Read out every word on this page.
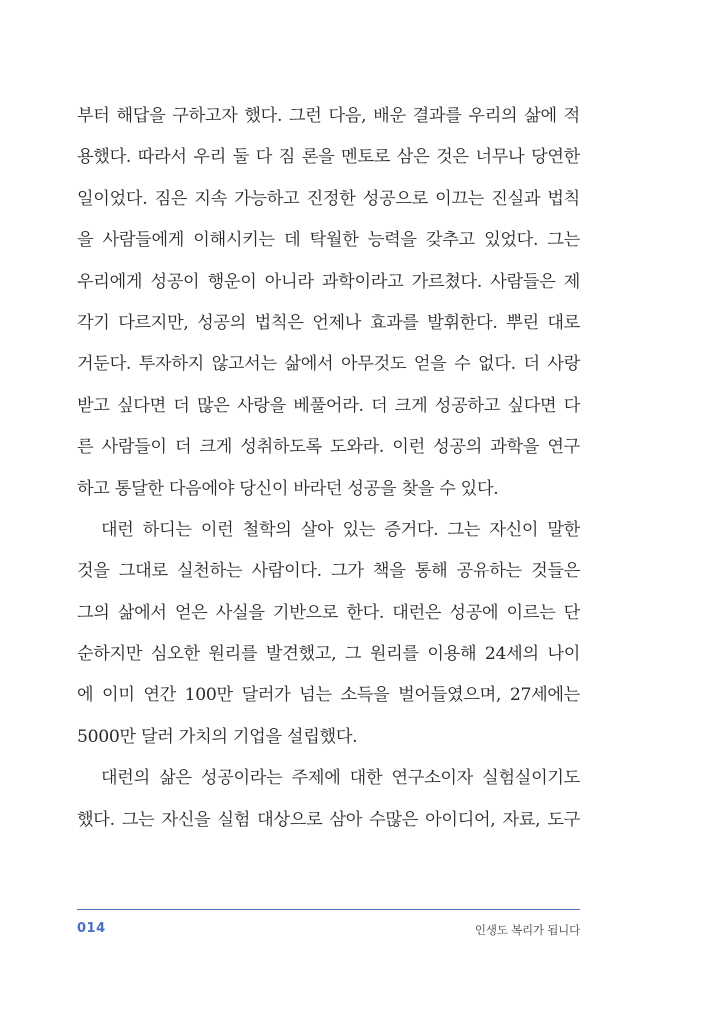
부터 해답을 구하고자 했다. 그런 다음, 배운 결과를 우리의 삶에 적
용했다. 따라서 우리 둘 다 짐 론을 멘토로 삼은 것은 너무나 당연한
일이었다. 짐은 지속 가능하고 진정한 성공으로 이끄는 진실과 법칙
을 사람들에게 이해시키는 데 탁월한 능력을 갖추고 있었다. 그는
우리에게 성공이 행운이 아니라 과학이라고 가르쳤다. 사람들은 제
각기 다르지만, 성공의 법칙은 언제나 효과를 발휘한다. 뿌린 대로
거둔다. 투자하지 않고서는 삶에서 아무것도 얻을 수 없다. 더 사랑
받고 싶다면 더 많은 사랑을 베풀어라. 더 크게 성공하고 싶다면 다
른 사람들이 더 크게 성취하도록 도와라. 이런 성공의 과학을 연구
하고 통달한 다음에야 당신이 바라던 성공을 찾을 수 있다.
대런 하디는 이런 철학의 살아 있는 증거다. 그는 자신이 말한
것을 그대로 실천하는 사람이다. 그가 책을 통해 공유하는 것들은
그의 삶에서 얻은 사실을 기반으로 한다. 대런은 성공에 이르는 단
순하지만 심오한 원리를 발견했고, 그 원리를 이용해 24세의 나이
에 이미 연간 100만 달러가 넘는 소득을 벌어들였으며, 27세에는
5000만 달러 가치의 기업을 설립했다.
대런의 삶은 성공이라는 주제에 대한 연구소이자 실험실이기도
했다. 그는 자신을 실험 대상으로 삼아 수많은 아이디어, 자료, 도구
014	인생도 복리가 됩니다
